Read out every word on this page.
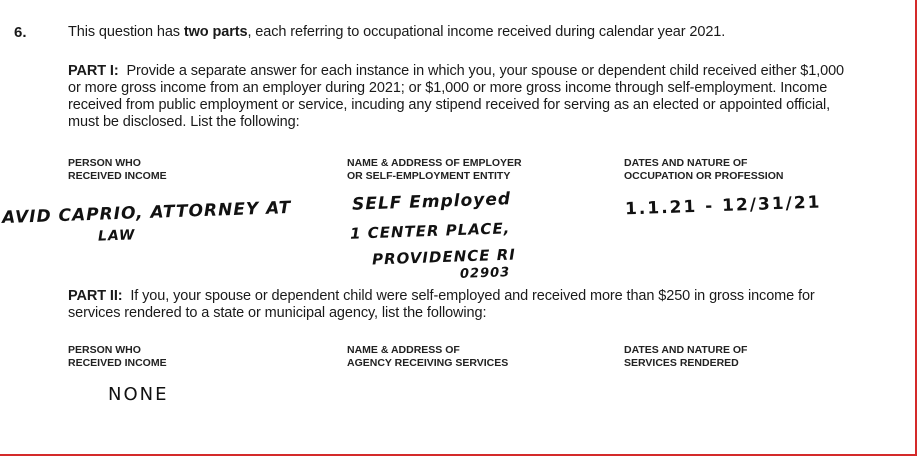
6.	This question has two parts, each referring to occupational income received during calendar year 2021.
PART I: Provide a separate answer for each instance in which you, your spouse or dependent child received either $1,000 or more gross income from an employer during 2021; or $1,000 or more gross income through self-employment. Income received from public employment or service, incuding any stipend received for serving as an elected or appointed official, must be disclosed. List the following:
PERSON WHO
RECEIVED INCOME
NAME & ADDRESS OF EMPLOYER
OR SELF-EMPLOYMENT ENTITY
DATES AND NATURE OF
OCCUPATION OR PROFESSION
AVID CAPRIO, ATTORNEY AT
LAW
SELF Employed
1 CENTER PLACE,
PROVIDENCE RI
02903
1.1.21 - 12/31/21
PART II: If you, your spouse or dependent child were self-employed and received more than $250 in gross income for services rendered to a state or municipal agency, list the following:
PERSON WHO
RECEIVED INCOME
NAME & ADDRESS OF
AGENCY RECEIVING SERVICES
DATES AND NATURE OF
SERVICES RENDERED
NONE
